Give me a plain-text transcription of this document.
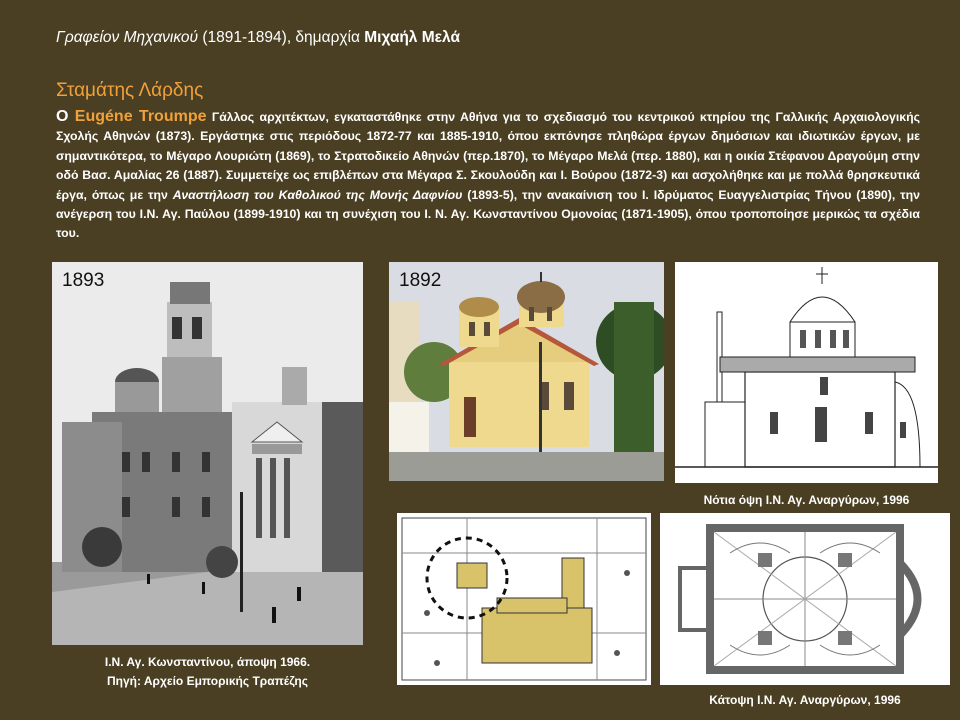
Γραφείον Μηχανικού (1891-1894), δημαρχία Μιχαήλ Μελά
Σταμάτης Λάρδης
Ο Eugéne Troumpe Γάλλος αρχιτέκτων, εγκαταστάθηκε στην Αθήνα για το σχεδιασμό του κεντρικού κτηρίου της Γαλλικής Αρχαιολογικής Σχολής Αθηνών (1873). Εργάστηκε στις περιόδους 1872-77 και 1885-1910, όπου εκπόνησε πληθώρα έργων δημόσιων και ιδιωτικών έργων, με σημαντικότερα, το Μέγαρο Λουριώτη (1869), το Στρατοδικείο Αθηνών (περ.1870), το Μέγαρο Μελά (περ. 1880), και η οικία Στέφανου Δραγούμη στην οδό Βασ. Αμαλίας 26 (1887). Συμμετείχε ως επιβλέπων στα Μέγαρα Σ. Σκουλούδη και Ι. Βούρου (1872-3) και ασχολήθηκε και με πολλά θρησκευτικά έργα, όπως με την Αναστήλωση του Καθολικού της Μονής Δαφνίου (1893-5), την ανακαίνιση του Ι. Ιδρύματος Ευαγγελιστρίας Τήνου (1890), την ανέγερση του Ι.Ν. Αγ. Παύλου (1899-1910) και τη συνέχιση του Ι. Ν. Αγ. Κωνσταντίνου Ομονοίας (1871-1905), όπου τροποποίησε μερικώς τα σχέδια του.
1893	1892
Νότια όψη Ι.Ν. Αγ. Αναργύρων, 1996
Κάτοψη Ι.Ν. Αγ. Αναργύρων, 1996
Ι.Ν. Αγ. Κωνσταντίνου, άποψη 1966.
Πηγή: Αρχείο Εμπορικής Τραπέζης
